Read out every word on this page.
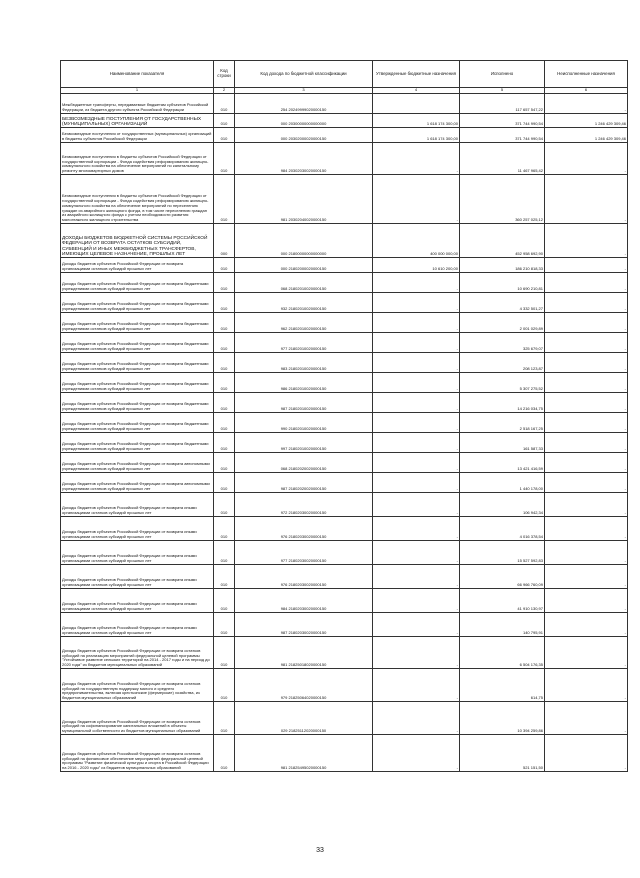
Наименование показателя	Код строки	Код дохода по бюджетной классификации	Утвержденные бюджетные назначения	Исполнено	Неисполненные назначения
1	2	3	4	5	6
Межбюджетные трансферты, передаваемые бюджетам субъектов Российской Федерации, из бюджета другого субъекта Российской Федерации	010	254 20249999020000150		117 657 547,22	-
БЕЗВОЗМЕЗДНЫЕ ПОСТУПЛЕНИЯ ОТ ГОСУДАРСТВЕННЫХ (МУНИЦИПАЛЬНЫХ) ОРГАНИЗАЦИЙ	010	000 20300000000000000	1 618 174 300,00	371 744 990,54	1 246 429 309,46
Безвозмездные поступления от государственных (муниципальных) организаций в бюджеты субъектов Российской Федерации	010	000 20302000020000150	1 618 174 300,00	371 744 990,54	1 246 429 309,46
Безвозмездные поступления в бюджеты субъектов Российской Федерации от государственной корпорации - Фонда содействия реформированию жилищно-коммунального хозяйства на обеспечение мероприятий по капитальному ремонту многоквартирных домов	010	984 20302030020000150	-	11 467 965,42	-
Безвозмездные поступления в бюджеты субъектов Российской Федерации от государственной корпорации - Фонда содействия реформированию жилищно-коммунального хозяйства на обеспечение мероприятий по переселению граждан из аварийного жилищного фонда, в том числе переселению граждан из аварийного жилищного фонда с учетом необходимости развития малоэтажного жилищного строительства	010	981 20302040020000150	-	360 257 025,12	-
ДОХОДЫ БЮДЖЕТОВ БЮДЖЕТНОЙ СИСТЕМЫ РОССИЙСКОЙ ФЕДЕРАЦИИ ОТ ВОЗВРАТА ОСТАТКОВ СУБСИДИЙ, СУБВЕНЦИЙ И ИНЫХ МЕЖБЮДЖЕТНЫХ ТРАНСФЕРТОВ, ИМЕЮЩИХ ЦЕЛЕВОЕ НАЗНАЧЕНИЕ, ПРОШЛЫХ ЛЕТ	000	000 21800000000000000	400 000 000,00	452 958 692,90	-
Доходы бюджетов субъектов Российской Федерации от возврата организациями остатков субсидий прошлых лет	010	000 21802000020000150	10 610 200,00	186 210 818,33	-
Доходы бюджетов субъектов Российской Федерации от возврата бюджетными учреждениями остатков субсидий прошлых лет	010	068 21802010020000150	-	10 690 210,81	-
Доходы бюджетов субъектов Российской Федерации от возврата бюджетными учреждениями остатков субсидий прошлых лет	010	932 21802010020000150	-	4 332 501,27	-
Доходы бюджетов субъектов Российской Федерации от возврата бюджетными учреждениями остатков субсидий прошлых лет	010	962 21802010020000150	-	2 001 029,89	-
Доходы бюджетов субъектов Российской Федерации от возврата бюджетными учреждениями остатков субсидий прошлых лет	010	977 21802010020000150	-	325 679,07	-
Доходы бюджетов субъектов Российской Федерации от возврата бюджетными учреждениями остатков субсидий прошлых лет	010	983 21802010020000150	-	208 123,87	-
Доходы бюджетов субъектов Российской Федерации от возврата бюджетными учреждениями остатков субсидий прошлых лет	010	986 21802010020000150	-	5 307 275,52	-
Доходы бюджетов субъектов Российской Федерации от возврата бюджетными учреждениями остатков субсидий прошлых лет	010	987 21802010020000150	-	14 216 034,75	-
Доходы бюджетов субъектов Российской Федерации от возврата бюджетными учреждениями остатков субсидий прошлых лет	010	990 21802010020000150	-	2 518 167,25	-
Доходы бюджетов субъектов Российской Федерации от возврата бюджетными учреждениями остатков субсидий прошлых лет	010	997 21802010020000150	-	161 587,33	-
Доходы бюджетов субъектов Российской Федерации от возврата автономными учреждениями остатков субсидий прошлых лет	010	068 21802020020000150	-	13 421 416,59	-
Доходы бюджетов субъектов Российской Федерации от возврата автономными учреждениями остатков субсидий прошлых лет	010	987 21802020020000150	-	1 440 178,00	-
Доходы бюджетов субъектов Российской Федерации от возврата иными организациями остатков субсидий прошлых лет	010	972 21802030020000150	-	106 942,34	-
Доходы бюджетов субъектов Российской Федерации от возврата иными организациями остатков субсидий прошлых лет	010	976 21802030020000150	-	4 016 378,54	-
Доходы бюджетов субъектов Российской Федерации от возврата иными организациями остатков субсидий прошлых лет	010	977 21802030020000150	-	15 527 592,83	-
Доходы бюджетов субъектов Российской Федерации от возврата иными организациями остатков субсидий прошлых лет	010	976 21802030020000150	-	66 966 760,09	-
Доходы бюджетов субъектов Российской Федерации от возврата иными организациями остатков субсидий прошлых лет	010	984 21802030020000150	-	41 910 130,97	-
Доходы бюджетов субъектов Российской Федерации от возврата иными организациями остатков субсидий прошлых лет	010	987 21802030020000150	-	140 795,91	-
Доходы бюджетов субъектов Российской Федерации от возврата остатков субсидий на реализацию мероприятий федеральной целевой программы "Устойчивое развитие сельских территорий на 2014 - 2017 годы и на период до 2020 года" из бюджетов муниципальных образований	010	981 21825018020000150	-	6 504 176,35	-
Доходы бюджетов субъектов Российской Федерации от возврата остатков субсидий на государственную поддержку малого и среднего предпринимательства, включая крестьянские (фермерские) хозяйства, из бюджетов муниципальных образований	010	979 21825064020000150	-	614,75	-
Доходы бюджетов субъектов Российской Федерации от возврата остатков субсидий на софинансирование капитальных вложений в объекты муниципальной собственности из бюджетов муниципальных образований	010	029 21825112020000150	-	10 394 259,86	-
Доходы бюджетов субъектов Российской Федерации от возврата остатков субсидий на финансовое обеспечение мероприятий федеральной целевой программы "Развитие физической культуры и спорта в Российской Федерации на 2016 - 2020 годы" из бюджетов муниципальных образований	010	981 21825495020000150	-	521 151,50	-
33
